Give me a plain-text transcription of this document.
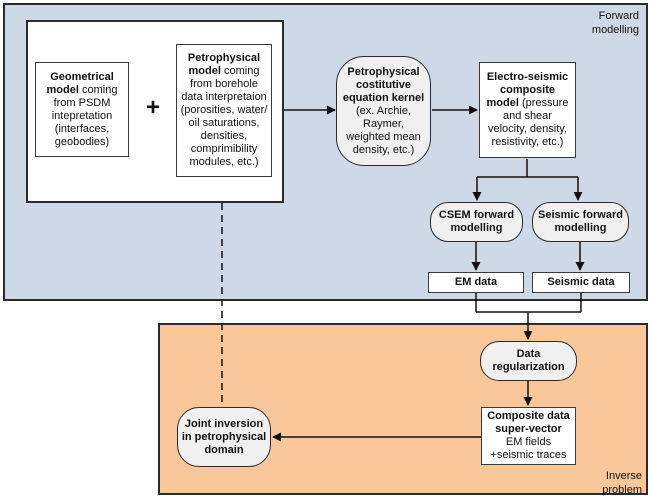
Forward modelling
Inverse problem
Geometrical model coming from PSDM intepretation (interfaces, geobodies)
+
Petrophysical model coming from borehole data interpretaion (porosities, water/ oil saturations, densities, comprimibility modules, etc.)
Petrophysical costitutive equation kernel (ex. Archie, Raymer, weighted mean density, etc.)
Electro-seismic composite model (pressure and shear velocity, density, resistivity, etc.)
CSEM forward modelling
Seismic forward modelling
EM data	Seismic data
Data regularization
Composite data super-vector
EM fields +seismic traces
Joint inversion in petrophysical domain
